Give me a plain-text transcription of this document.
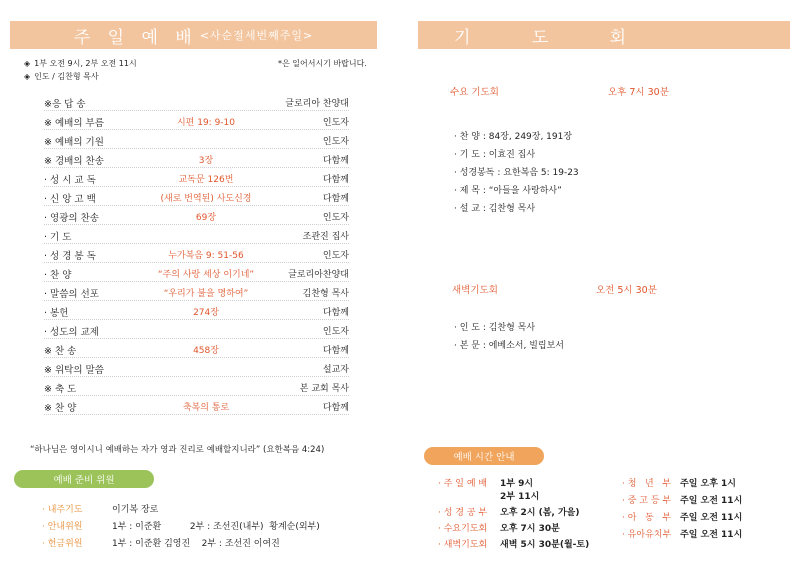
주 일 예 배 <사순절세번째주일>
◈ 1부 오전 9시, 2부 오전 11시	*은 일어서시기 바랍니다.
◈ 인도 / 김찬형 목사
※응 답 송	글로리아 찬양대
※ 예배의 부름	시편 19: 9-10	인도자
※ 예배의 기원	인도자
※ 경배의 찬송	3장	다함께
· 성 시 교 독	교독문 126번	다함께
· 신 앙 고 백	(새로 번역된) 사도신경	다함께
· 영광의 찬송	69장	인도자
· 기 도	조관진 집사
· 성 경 봉 독	누가복음 9: 51-56	인도자
· 찬 양	“주의 사랑 세상 이기네”	글로리아찬양대
· 말씀의 선포	“우리가 불을 명하여”	김찬형 목사
· 봉헌	274장	다함께
· 성도의 교제	인도자
※ 찬 송	458장	다함께
※ 위탁의 말씀	설교자
※ 축 도	본 교회 목사
※ 찬 양	축복의 통로	다함께
“하나님은 영이시니 예배하는 자가 영과 진리로 예배할지니라” (요한복음 4:24)
예배 준비 위원
· 내주기도	이기복 장로
· 안내위원	1부 : 이준환          2부 : 조선진(내부)  황계순(외부)
· 헌금위원	1부 : 이준환 김영진    2부 : 조선진 이여진
기 도 회
수요 기도회	오후 7시 30분
· 찬 양 : 84장, 249장, 191장
· 기 도 : 이효진 집사
· 성경봉독 : 요한복음 5: 19-23
· 제 목 : “아들을 사랑하사”
· 설 교 : 김찬형 목사
새벽기도회	오전 5시 30분
· 인 도 : 김찬형 목사
· 본 문 : 에베소서, 빌립보서
예배 시간 안내
· 주 일 예 배 1부 9시
2부 11시
· 성 경 공 부 오후 2시 (봄, 가을)
· 수요기도회 오후 7시 30분
· 새벽기도회 새벽 5시 30분(월-토)
· 청   년   부 주일 오후 1시
· 중 고 등 부 주일 오전 11시
· 아   동   부 주일 오전 11시
· 유아유치부 주일 오전 11시
